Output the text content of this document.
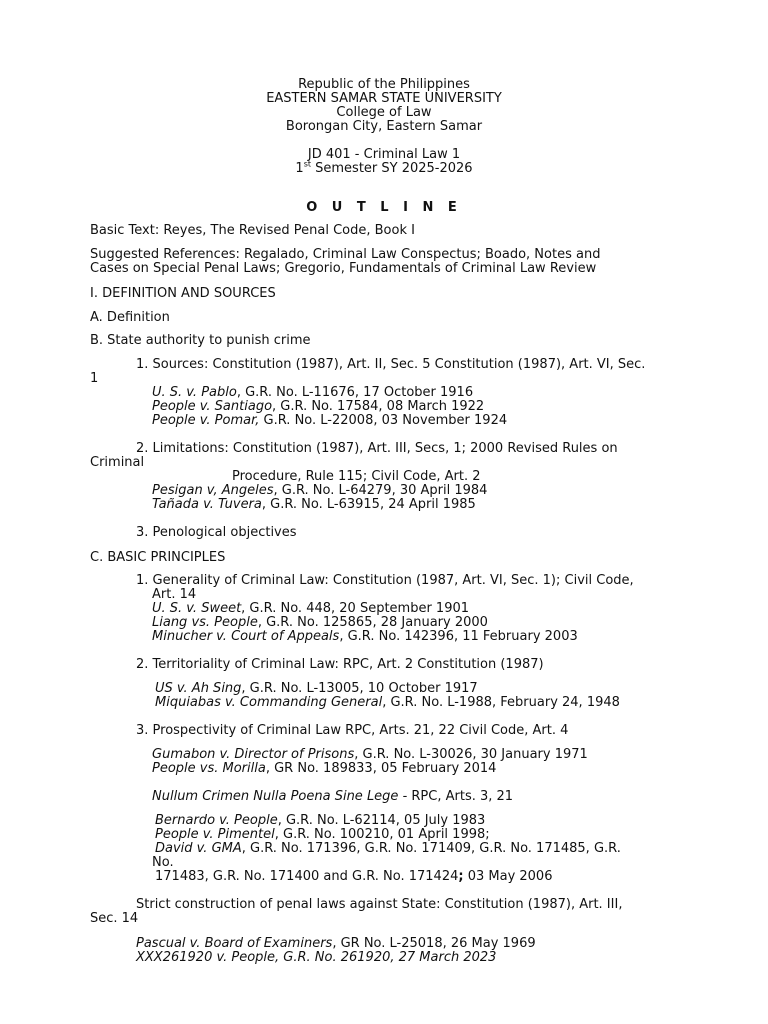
Republic of the Philippines
EASTERN SAMAR STATE UNIVERSITY
College of Law
Borongan City, Eastern Samar
JD 401 - Criminal Law 1
1st Semester SY 2025-2026
O U T L I N E
Basic Text: Reyes, The Revised Penal Code, Book I
Suggested References: Regalado, Criminal Law Conspectus; Boado, Notes and
Cases on Special Penal Laws; Gregorio, Fundamentals of Criminal Law Review
I. DEFINITION AND SOURCES
A. Definition
B. State authority to punish crime
1. Sources: Constitution (1987), Art. II, Sec. 5 Constitution (1987), Art. VI, Sec.
1
U. S. v. Pablo, G.R. No. L-11676, 17 October 1916
People v. Santiago, G.R. No. 17584, 08 March 1922
People v. Pomar, G.R. No. L-22008, 03 November 1924
2. Limitations: Constitution (1987), Art. III, Secs, 1; 2000 Revised Rules on
Criminal
Procedure, Rule 115; Civil Code, Art. 2
Pesigan v, Angeles, G.R. No. L-64279, 30 April 1984
Tañada v. Tuvera, G.R. No. L-63915, 24 April 1985
3. Penological objectives
C. BASIC PRINCIPLES
1. Generality of Criminal Law: Constitution (1987, Art. VI, Sec. 1); Civil Code,
Art. 14
U. S. v. Sweet, G.R. No. 448, 20 September 1901
Liang vs. People, G.R. No. 125865, 28 January 2000
Minucher v. Court of Appeals, G.R. No. 142396, 11 February 2003
2. Territoriality of Criminal Law: RPC, Art. 2 Constitution (1987)
US v. Ah Sing, G.R. No. L-13005, 10 October 1917
Miquiabas v. Commanding General, G.R. No. L-1988, February 24, 1948
3. Prospectivity of Criminal Law RPC, Arts. 21, 22 Civil Code, Art. 4
Gumabon v. Director of Prisons, G.R. No. L-30026, 30 January 1971
People vs. Morilla, GR No. 189833, 05 February 2014
Nullum Crimen Nulla Poena Sine Lege - RPC, Arts. 3, 21
Bernardo v. People, G.R. No. L-62114, 05 July 1983
People v. Pimentel, G.R. No. 100210, 01 April 1998;
David v. GMA, G.R. No. 171396, G.R. No. 171409, G.R. No. 171485, G.R.
No.
171483, G.R. No. 171400 and G.R. No. 171424; 03 May 2006
Strict construction of penal laws against State: Constitution (1987), Art. III,
Sec. 14
Pascual v. Board of Examiners, GR No. L-25018, 26 May 1969
XXX261920 v. People, G.R. No. 261920, 27 March 2023
